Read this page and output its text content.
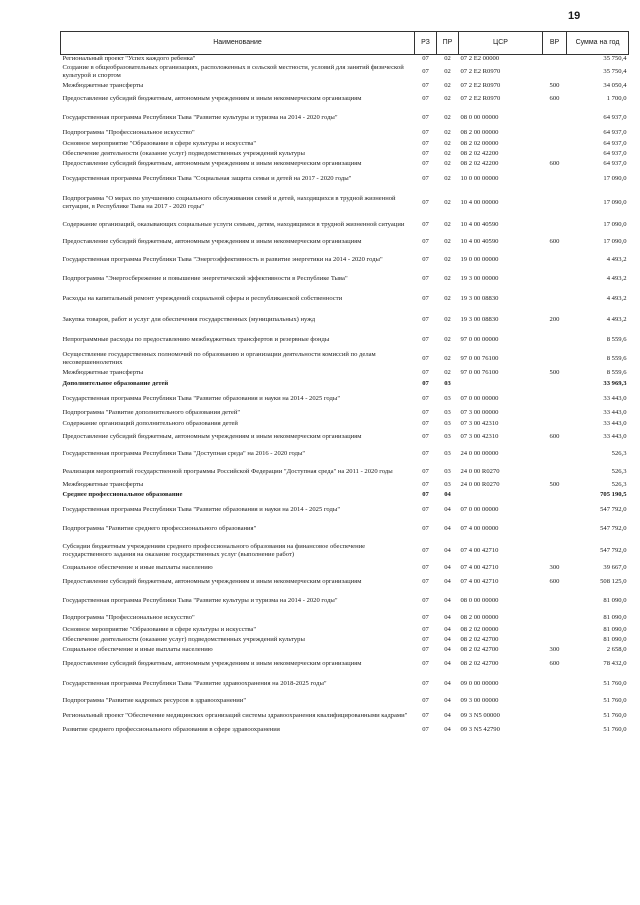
19
Наименование	РЗ	ПР	ЦСР	ВР	Сумма на год
Региональный проект "Успех каждого ребенка"	07	02	07 2 Е2 00000		35 750,4
Создание в общеобразовательных организациях, расположенных в сельской местности, условий для занятий физической культурой и спортом	07	02	07 2 Е2 R0970		35 750,4
Межбюджетные трансферты	07	02	07 2 Е2 R0970	500	34 050,4
Предоставление субсидий бюджетным, автономным учреждениям и иным некоммерческим организациям	07	02	07 2 Е2 R0970	600	1 700,0
Государственная программа Республики Тыва "Развитие культуры и туризма на 2014 - 2020 годы"	07	02	08 0 00 00000		64 937,0
Подпрограмма "Профессиональное искусство"	07	02	08 2 00 00000		64 937,0
Основное мероприятие "Образование в сфере культуры и искусства"	07	02	08 2 02 00000		64 937,0
Обеспечение деятельности (оказание услуг) подведомственных учреждений культуры	07	02	08 2 02 42200		64 937,0
Предоставление субсидий бюджетным, автономным учреждениям и иным некоммерческим организациям	07	02	08 2 02 42200	600	64 937,0
Государственная программа Республики Тыва "Социальная защита семьи и детей на 2017 - 2020 годы"	07	02	10 0 00 00000		17 090,0
Подпрограмма "О мерах по улучшению социального обслуживания семей и детей, находящихся в трудной жизненной ситуации, в Республике Тыва на 2017 - 2020 годы"	07	02	10 4 00 00000		17 090,0
Содержание организаций, оказывающих социальные услуги семьям, детям, находящимся в трудной жизненной ситуации	07	02	10 4 00 40590		17 090,0
Предоставление субсидий бюджетным, автономным учреждениям и иным некоммерческим организациям	07	02	10 4 00 40590	600	17 090,0
Государственная программа Республики Тыва "Энергоэффективность и развитие энергетики на 2014 - 2020 годы"	07	02	19 0 00 00000		4 493,2
Подпрограмма "Энергосбережение и повышение энергетической эффективности в Республике Тыва"	07	02	19 3 00 00000		4 493,2
Расходы на капитальный ремонт учреждений социальной сферы и республиканской собственности	07	02	19 3 00 08830		4 493,2
Закупка товаров, работ и услуг для обеспечения государственных (муниципальных) нужд	07	02	19 3 00 08830	200	4 493,2
Непрограммные расходы по предоставлению межбюджетных трансфертов и резервные фонды	07	02	97 0 00 00000		8 559,6
Осуществление государственных полномочий по образованию и организации деятельности комиссий по делам несовершеннолетних	07	02	97 0 00 76100		8 559,6
Межбюджетные трансферты	07	02	97 0 00 76100	500	8 559,6
Дополнительное образование детей	07	03			33 969,3
Государственная программа Республики Тыва "Развитие образования и науки на 2014 - 2025 годы"	07	03	07 0 00 00000		33 443,0
Подпрограмма "Развитие дополнительного образования детей"	07	03	07 3 00 00000		33 443,0
Содержание организаций дополнительного образования детей	07	03	07 3 00 42310		33 443,0
Предоставление субсидий бюджетным, автономным учреждениям и иным некоммерческим организациям	07	03	07 3 00 42310	600	33 443,0
Государственная программа Республики Тыва "Доступная среда" на 2016 - 2020 годы"	07	03	24 0 00 00000		526,3
Реализация мероприятий государственной программы Российской Федерации "Доступная среда" на 2011 - 2020 годы	07	03	24 0 00 R0270		526,3
Межбюджетные трансферты	07	03	24 0 00 R0270	500	526,3
Среднее профессиональное образование	07	04			705 190,5
Государственная программа Республики Тыва "Развитие образования и науки на 2014 - 2025 годы"	07	04	07 0 00 00000		547 792,0
Подпрограмма "Развитие среднего профессионального образования"	07	04	07 4 00 00000		547 792,0
Субсидии бюджетным учреждениям среднего профессионального образования на финансовое обеспечение государственного задания на оказание государственных услуг (выполнение работ)	07	04	07 4 00 42710		547 792,0
Социальное обеспечение и иные выплаты населению	07	04	07 4 00 42710	300	39 667,0
Предоставление субсидий бюджетным, автономным учреждениям и иным некоммерческим организациям	07	04	07 4 00 42710	600	508 125,0
Государственная программа Республики Тыва "Развитие культуры и туризма на 2014 - 2020 годы"	07	04	08 0 00 00000		81 090,0
Подпрограмма "Профессиональное искусство"	07	04	08 2 00 00000		81 090,0
Основное мероприятие "Образование в сфере культуры и искусства"	07	04	08 2 02 00000		81 090,0
Обеспечение деятельности (оказание услуг) подведомственных учреждений культуры	07	04	08 2 02 42700		81 090,0
Социальное обеспечение и иные выплаты населению	07	04	08 2 02 42700	300	2 658,0
Предоставление субсидий бюджетным, автономным учреждениям и иным некоммерческим организациям	07	04	08 2 02 42700	600	78 432,0
Государственная программа Республики Тыва "Развитие здравоохранения на 2018-2025 годы"	07	04	09 0 00 00000		51 760,0
Подпрограмма "Развитие кадровых ресурсов в здравоохранении"	07	04	09 3 00 00000		51 760,0
Региональный проект "Обеспечение медицинских организаций системы здравоохранения квалифицированными кадрами"	07	04	09 3 N5 00000		51 760,0
Развитие среднего профессионального образования в сфере здравоохранения	07	04	09 3 N5 42790		51 760,0
